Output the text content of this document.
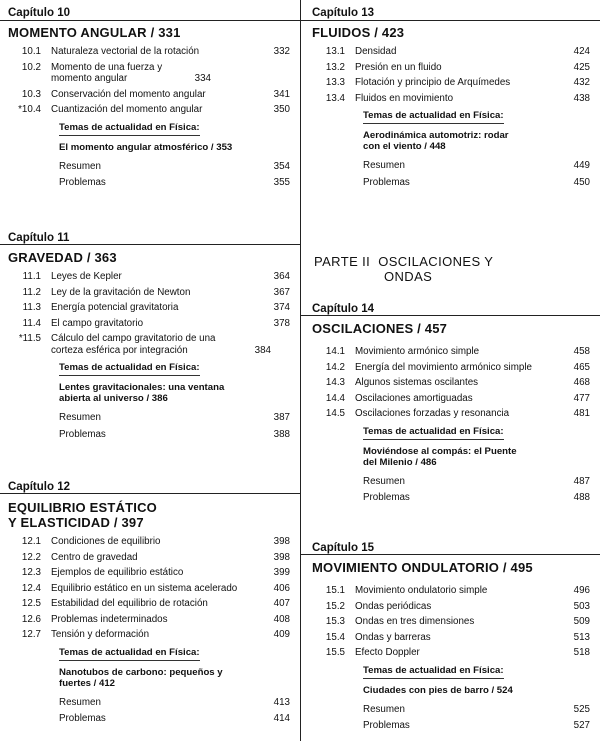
Capítulo 10

MOMENTO ANGULAR / 331

10.1	Naturaleza vectorial de la rotación	332
10.2	Momento de una fuerza y momento angular	334
10.3	Conservación del momento angular	341
*10.4	Cuantización del momento angular	350
Temas de actualidad en Física:
El momento angular atmosférico / 353
Resumen	354
Problemas	355

Capítulo 11

GRAVEDAD / 363

11.1	Leyes de Kepler	364
11.2	Ley de la gravitación de Newton	367
11.3	Energía potencial gravitatoria	374
11.4	El campo gravitatorio	378
*11.5	Cálculo del campo gravitatorio de una corteza esférica por integración	384
Temas de actualidad en Física:
Lentes gravitacionales: una ventana abierta al universo / 386
Resumen	387
Problemas	388

Capítulo 12

EQUILIBRIO ESTÁTICO
Y ELASTICIDAD / 397

12.1	Condiciones de equilibrio	398
12.2	Centro de gravedad	398
12.3	Ejemplos de equilibrio estático	399
12.4	Equilibrio estático en un sistema acelerado	406
12.5	Estabilidad del equilibrio de rotación	407
12.6	Problemas indeterminados	408
12.7	Tensión y deformación	409
Temas de actualidad en Física:
Nanotubos de carbono: pequeños y fuertes / 412
Resumen	413
Problemas	414

Capítulo 13

FLUIDOS / 423

13.1	Densidad	424
13.2	Presión en un fluido	425
13.3	Flotación y principio de Arquímedes	432
13.4	Fluidos en movimiento	438
Temas de actualidad en Física:
Aerodinámica automotriz: rodar con el viento / 448
Resumen	449
Problemas	450
PARTE II  OSCILACIONES Y
ONDAS

Capítulo 14

OSCILACIONES / 457

14.1	Movimiento armónico simple	458
14.2	Energía del movimiento armónico simple	465
14.3	Algunos sistemas oscilantes	468
14.4	Oscilaciones amortiguadas	477
14.5	Oscilaciones forzadas y resonancia	481
Temas de actualidad en Física:
Moviéndose al compás: el Puente del Milenio / 486
Resumen	487
Problemas	488

Capítulo 15

MOVIMIENTO ONDULATORIO / 495

15.1	Movimiento ondulatorio simple	496
15.2	Ondas periódicas	503
15.3	Ondas en tres dimensiones	509
15.4	Ondas y barreras	513
15.5	Efecto Doppler	518
Temas de actualidad en Física:
Ciudades con pies de barro / 524
Resumen	525
Problemas	527
